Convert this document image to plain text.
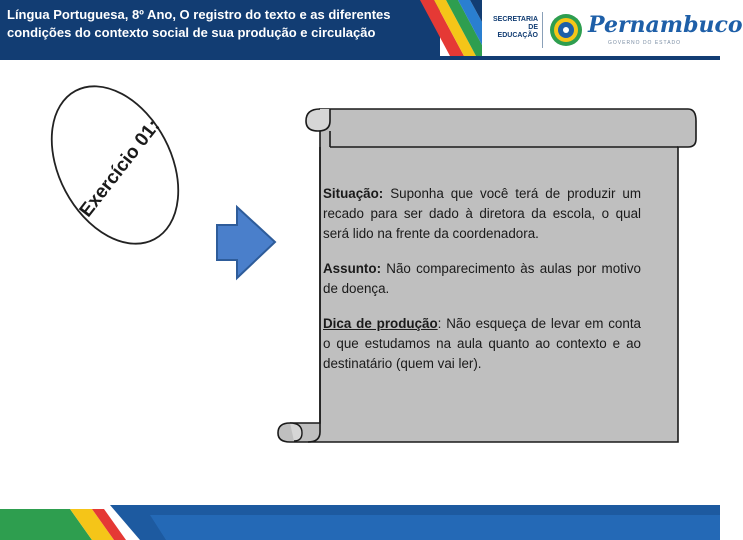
Língua Portuguesa, 8º Ano, O registro do texto e as diferentes
condições do contexto social de sua produção e circulação
SECRETARIA
DE EDUCAÇÃO Pernambuco
GOVERNO DO ESTADO
Exercício 01:	Situação: Suponha que você terá de produzir um recado para ser dado à diretora da escola, o qual será lido na frente da coordenadora.

Assunto: Não comparecimento às aulas por motivo de doença.

Dica de produção: Não esqueça de levar em conta o que estudamos na aula quanto ao contexto e ao destinatário (quem vai ler).
